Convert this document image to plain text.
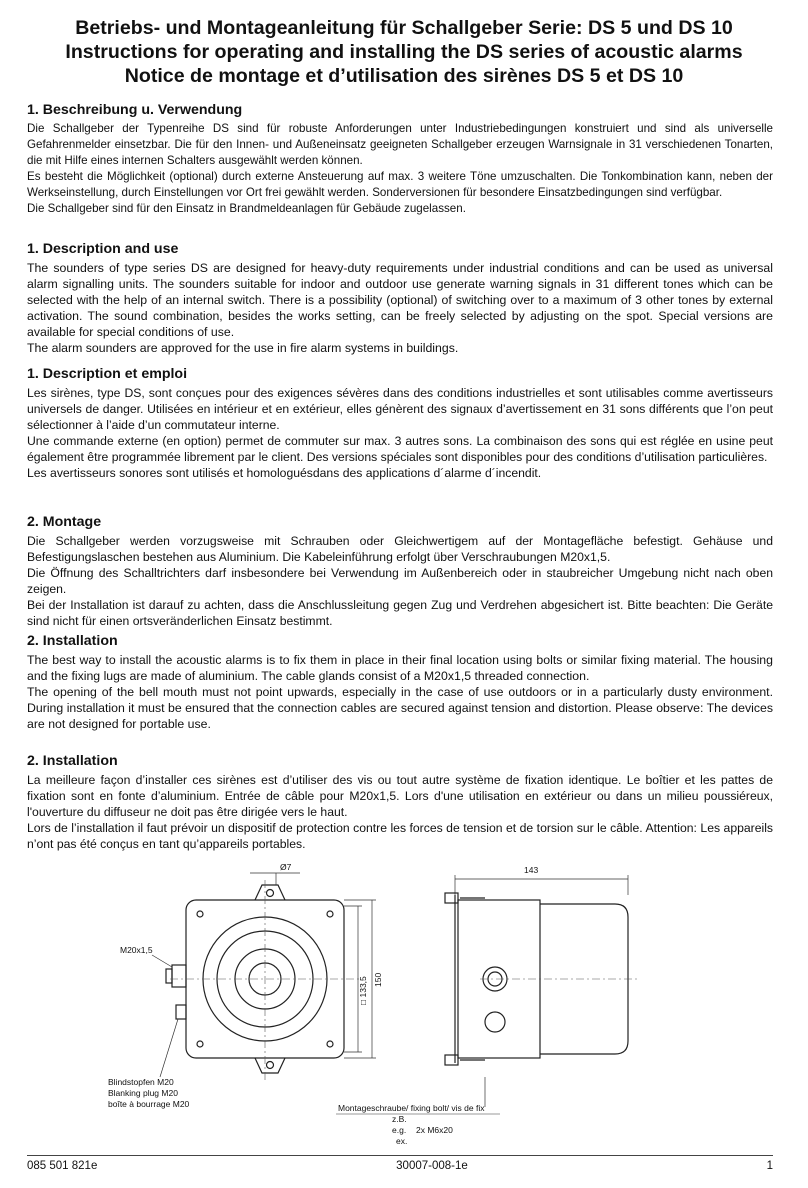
Betriebs- und Montageanleitung für Schallgeber Serie: DS 5 und DS 10
Instructions for operating and installing the DS series of acoustic alarms
Notice de montage et d’utilisation des sirènes DS 5 et DS 10
1. Beschreibung u. Verwendung

Die Schallgeber der Typenreihe DS sind für robuste Anforderungen unter Industriebedingungen konstruiert und sind als universelle Gefahrenmelder einsetzbar. Die für den Innen- und Außeneinsatz geeigneten Schallgeber erzeugen Warnsignale in 31 verschiedenen Tonarten, die mit Hilfe eines internen Schalters ausgewählt werden können.

Es besteht die Möglichkeit (optional) durch externe Ansteuerung auf max. 3 weitere Töne umzuschalten. Die Tonkombination kann, neben der Werkseinstellung, durch Einstellungen vor Ort frei gewählt werden. Sonderversionen für besondere Einsatzbedingungen sind verfügbar.

Die Schallgeber sind für den Einsatz in Brandmeldeanlagen für Gebäude zugelassen.

1. Description and use

The sounders of type series DS are designed for heavy-duty requirements under industrial conditions and can be used as universal alarm signalling units. The sounders suitable for indoor and outdoor use generate warning signals in 31 different tones which can be selected with the help of an internal switch. There is a possibility (optional) of switching over to a maximum of 3 other tones by external activation. The sound combination, besides the works setting, can be freely selected by adjusting on the spot. Special versions are available for special conditions of use.

The alarm sounders are approved for the use in fire alarm systems in buildings.

1. Description et emploi

Les sirènes, type DS, sont conçues pour des exigences sévères dans des conditions industrielles et sont utilisables comme avertisseurs universels de danger. Utilisées en intérieur et en extérieur, elles génèrent des signaux d’avertissement en 31 sons différents que l’on peut sélectionner à l’aide d’un commutateur interne.

Une commande externe (en option) permet de commuter sur max. 3 autres sons. La combinaison des sons qui est réglée en usine peut également être programmée librement par le client. Des versions spéciales sont disponibles pour des conditions d’utilisation particulières.

Les avertisseurs sonores sont utilisés et homologuésdans des applications d´alarme d´incendit.

2. Montage

Die Schallgeber werden vorzugsweise mit Schrauben oder Gleichwertigem auf der Montagefläche befestigt. Gehäuse und Befestigungslaschen bestehen aus Aluminium. Die Kabeleinführung erfolgt über Verschraubungen M20x1,5.

Die Öffnung des Schalltrichters darf insbesondere bei Verwendung im Außenbereich oder in staubreicher Umgebung nicht nach oben zeigen.

Bei der Installation ist darauf zu achten, dass die Anschlussleitung gegen Zug und Verdrehen abgesichert ist. Bitte beachten: Die Geräte sind nicht für einen ortsveränderlichen Einsatz bestimmt.

2. Installation

The best way to install the acoustic alarms is to fix them in place in their final location using bolts or similar fixing material. The housing and the fixing lugs are made of aluminium. The cable glands consist of a M20x1,5 threaded connection.

The opening of the bell mouth must not point upwards, especially in the case of use outdoors or in a particularly dusty environment. During installation it must be ensured that the connection cables are secured against tension and distortion. Please observe: The devices are not designed for portable use.

2. Installation

La meilleure façon d’installer ces sirènes est d’utiliser des vis ou tout autre système de fixation identique. Le boîtier et les pattes de fixation sont en fonte d’aluminium. Entrée de câble pour M20x1,5. Lors d'une utilisation en extérieur ou dans un milieu poussiéreux, l'ouverture du diffuseur ne doit pas être dirigée vers le haut.

Lors de l’installation il faut prévoir un dispositif de protection contre les forces de tension et de torsion sur le câble. Attention: Les appareils n’ont pas été conçus en tant qu’appareils portables.

Ø7	143
□ 133,5 150
M20x1,5
Blindstopfen M20
Blanking plug M20
boîte à bourrage M20	Montageschraube/ fixing bolt/ vis de fix
z.B.
e.g.
ex.
2x M6x20
085 501 821e	30007-008-1e	1
